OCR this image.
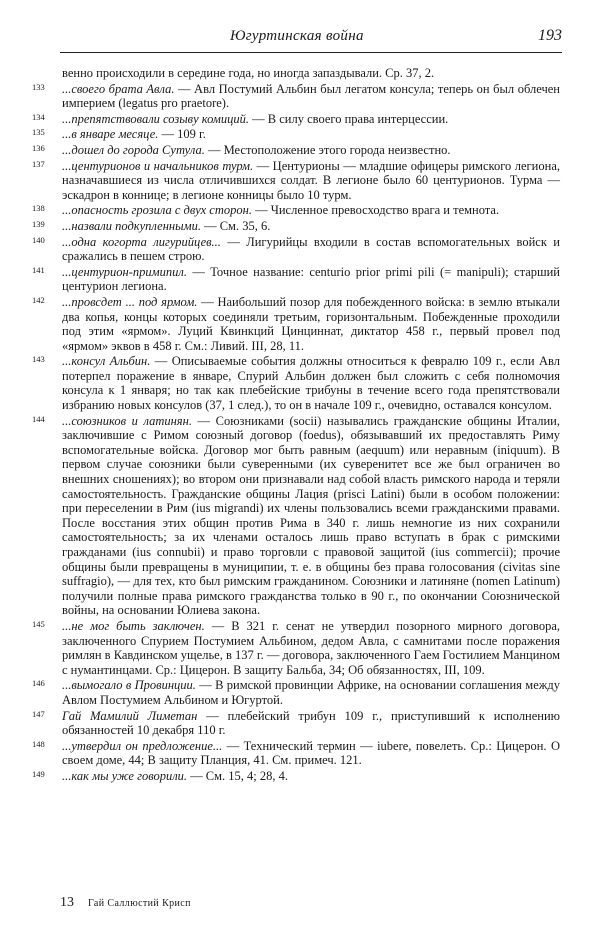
Югуртинская война	193
венно происходили в середине года, но иногда запаздывали. Ср. 37, 2.
133 ...своего брата Авла. — Авл Постумий Альбин был легатом консула; теперь он был облечен империем (legatus pro praetore).
134 ...препятствовали созыву комиций. — В силу своего права интерцессии.
135 ...в январе месяце. — 109 г.
136 ...дошел до города Сутула. — Местоположение этого города неизвестно.
137 ...центурионов и начальников турм. — Центурионы — младшие офицеры римского легиона, назначавшиеся из числа отличившихся солдат. В легионе было 60 центурионов. Турма — эскадрон в коннице; в легионе конницы было 10 турм.
138 ...опасность грозила с двух сторон. — Численное превосходство врага и темнота.
139 ...назвали подкупленными. — См. 35, 6.
140 ...одна когорта лигурийцев... — Лигурийцы входили в состав вспомогательных войск и сражались в пешем строю.
141 ...центурион-примипил. — Точное название: centurio prior primi pili (= manipuli); старший центурион легиона.
142 ...провсдет ... под ярмом. — Наибольший позор для побежденного войска: в землю втыкали два копья, концы которых соединяли третьим, горизонтальным. Побежденные проходили под этим «ярмом». Луций Квинкций Цинциннат, диктатор 458 г., первый провел под «ярмом» эквов в 458 г. См.: Ливий. III, 28, 11.
143 ...консул Альбин. — Описываемые события должны относиться к февралю 109 г., если Авл потерпел поражение в январе, Спурий Альбин должен был сложить с себя полномочия консула к 1 января; но так как плебейские трибуны в течение всего года препятствовали избранию новых консулов (37, 1 след.), то он в начале 109 г., очевидно, оставался консулом.
144 ...союзников и латинян. — Союзниками (socii) назывались гражданские общины Италии, заключившие с Римом союзный договор (foedus), обязывавший их предоставлять Риму вспомогательные войска. Договор мог быть равным (aequum) или неравным (iniquum). В первом случае союзники были суверенными (их суверенитет все же был ограничен во внешних сношениях); во втором они признавали над собой власть римского народа и теряли самостоятельность. Гражданские общины Лация (prisci Latini) были в особом положении: при переселении в Рим (ius migrandi) их члены пользовались всеми гражданскими правами. После восстания этих общин против Рима в 340 г. лишь немногие из них сохранили самостоятельность; за их членами осталось лишь право вступать в брак с римскими гражданами (ius connubii) и право торговли с правовой защитой (ius commercii); прочие общины были превращены в муниципии, т. е. в общины без права голосования (civitas sine suffragio), — для тех, кто был римским гражданином. Союзники и латиняне (nomen Latinum) получили полные права римского гражданства только в 90 г., по окончании Союзнической войны, на основании Юлиева закона.
145 ...не мог быть заключен. — В 321 г. сенат не утвердил позорного мирного договора, заключенного Спурием Постумием Альбином, дедом Авла, с самнитами после поражения римлян в Кавдинском ущелье, в 137 г. — договора, заключенного Гаем Гостилием Манцином с нумантинцами. Ср.: Цицерон. В защиту Бальба, 34; Об обязанностях, III, 109.
146 ...вымогало в Провинции. — В римской провинции Африке, на основании соглашения между Авлом Постумием Альбином и Югуртой.
147 Гай Мамилий Лиметан — плебейский трибун 109 г., приступивший к исполнению обязанностей 10 декабря 110 г.
148 ...утвердил он предложение... — Технический термин — iubere, повелеть. Ср.: Цицерон. О своем доме, 44; В защиту Планция, 41. См. примеч. 121.
149 ...как мы уже говорили. — См. 15, 4; 28, 4.
13 Гай Саллюстий Крисп
